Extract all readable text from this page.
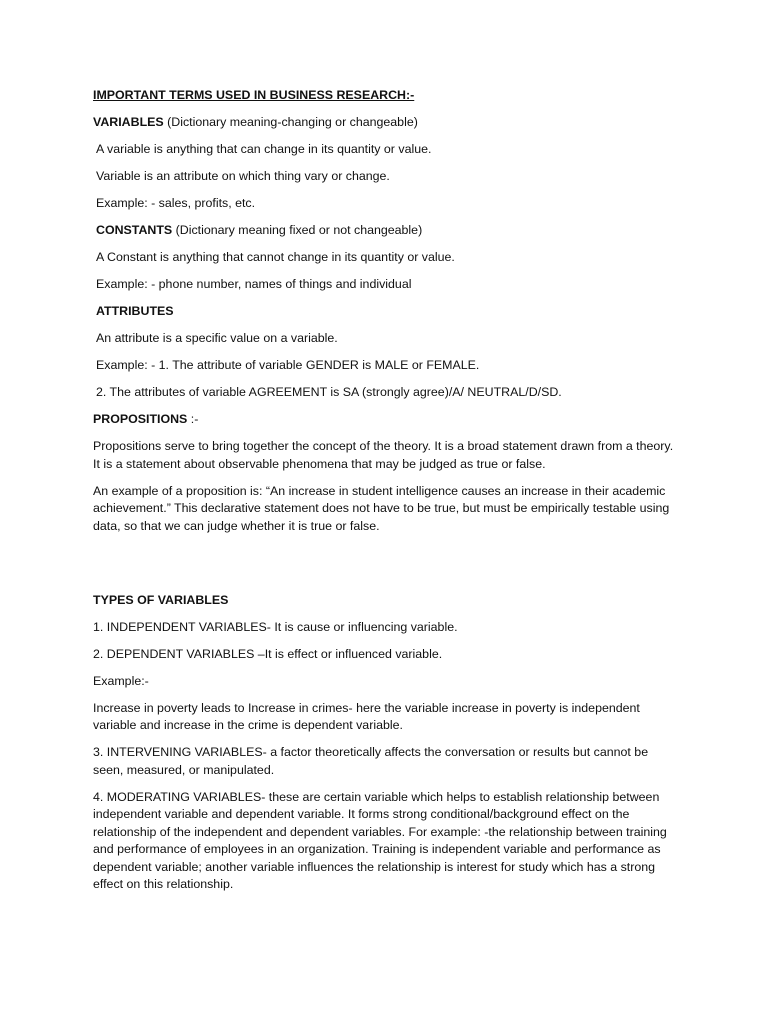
IMPORTANT TERMS USED IN BUSINESS RESEARCH:-

VARIABLES (Dictionary meaning-changing or changeable)

A variable is anything that can change in its quantity or value.

Variable is an attribute on which thing vary or change.

Example: - sales, profits, etc.

CONSTANTS (Dictionary meaning fixed or not changeable)

A Constant is anything that cannot change in its quantity or value.

Example: - phone number, names of things and individual

ATTRIBUTES

An attribute is a specific value on a variable.

Example: - 1. The attribute of variable GENDER is MALE or FEMALE.

2. The attributes of variable AGREEMENT is SA (strongly agree)/A/ NEUTRAL/D/SD.

PROPOSITIONS :-

Propositions serve to bring together the concept of the theory. It is a broad statement drawn from a theory. It is a statement about observable phenomena that may be judged as true or false.

An example of a proposition is: “An increase in student intelligence causes an increase in their academic achievement.” This declarative statement does not have to be true, but must be empirically testable using data, so that we can judge whether it is true or false.

TYPES OF VARIABLES

1. INDEPENDENT VARIABLES- It is cause or influencing variable.

2. DEPENDENT VARIABLES –It is effect or influenced variable.

Example:-

Increase in poverty leads to Increase in crimes- here the variable increase in poverty is independent variable and increase in the crime is dependent variable.

3. INTERVENING VARIABLES- a factor theoretically affects the conversation or results but cannot be seen, measured, or manipulated.

4. MODERATING VARIABLES- these are certain variable which helps to establish relationship between independent variable and dependent variable. It forms strong conditional/background effect on the relationship of the independent and dependent variables. For example: -the relationship between training and performance of employees in an organization. Training is independent variable and performance as dependent variable; another variable influences the relationship is interest for study which has a strong effect on this relationship.
